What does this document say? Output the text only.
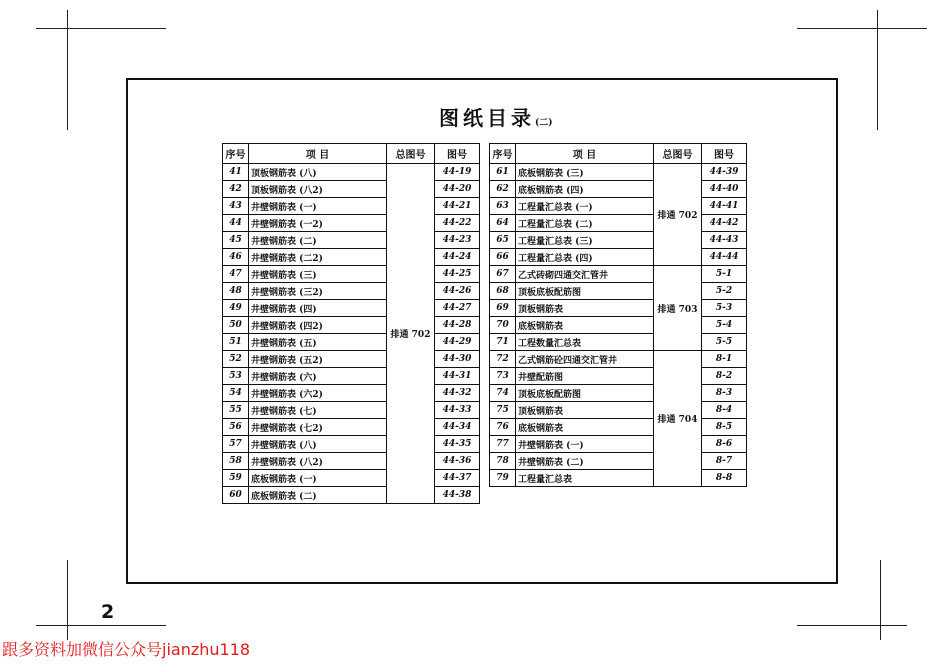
图纸目录(二)
序号	项 目	总图号	图号
41	顶板钢筋表 (八)	排通 702	44-19
42	顶板钢筋表 (八2)		44-20
43	井壁钢筋表 (一)		44-21
44	井壁钢筋表 (一2)		44-22
45	井壁钢筋表 (二)		44-23
46	井壁钢筋表 (二2)		44-24
47	井壁钢筋表 (三)		44-25
48	井壁钢筋表 (三2)		44-26
49	井壁钢筋表 (四)		44-27
50	井壁钢筋表 (四2)		44-28
51	井壁钢筋表 (五)		44-29
52	井壁钢筋表 (五2)		44-30
53	井壁钢筋表 (六)		44-31
54	井壁钢筋表 (六2)		44-32
55	井壁钢筋表 (七)		44-33
56	井壁钢筋表 (七2)		44-34
57	井壁钢筋表 (八)		44-35
58	井壁钢筋表 (八2)		44-36
59	底板钢筋表 (一)		44-37
60	底板钢筋表 (二)		44-38
序号	项 目	总图号	图号
61	底板钢筋表 (三)	排通 702	44-39
62	底板钢筋表 (四)		44-40
63	工程量汇总表 (一)		44-41
64	工程量汇总表 (二)		44-42
65	工程量汇总表 (三)		44-43
66	工程量汇总表 (四)		44-44
67	乙式砖砌四通交汇管井	排通 703	5-1
68	顶板底板配筋图		5-2
69	顶板钢筋表		5-3
70	底板钢筋表		5-4
71	工程数量汇总表		5-5
72	乙式钢筋砼四通交汇管井	排通 704	8-1
73	井壁配筋图		8-2
74	顶板底板配筋图		8-3
75	顶板钢筋表		8-4
76	底板钢筋表		8-5
77	井壁钢筋表 (一)		8-6
78	井壁钢筋表 (二)		8-7
79	工程量汇总表		8-8
2
跟多资料加微信公众号jianzhu118
